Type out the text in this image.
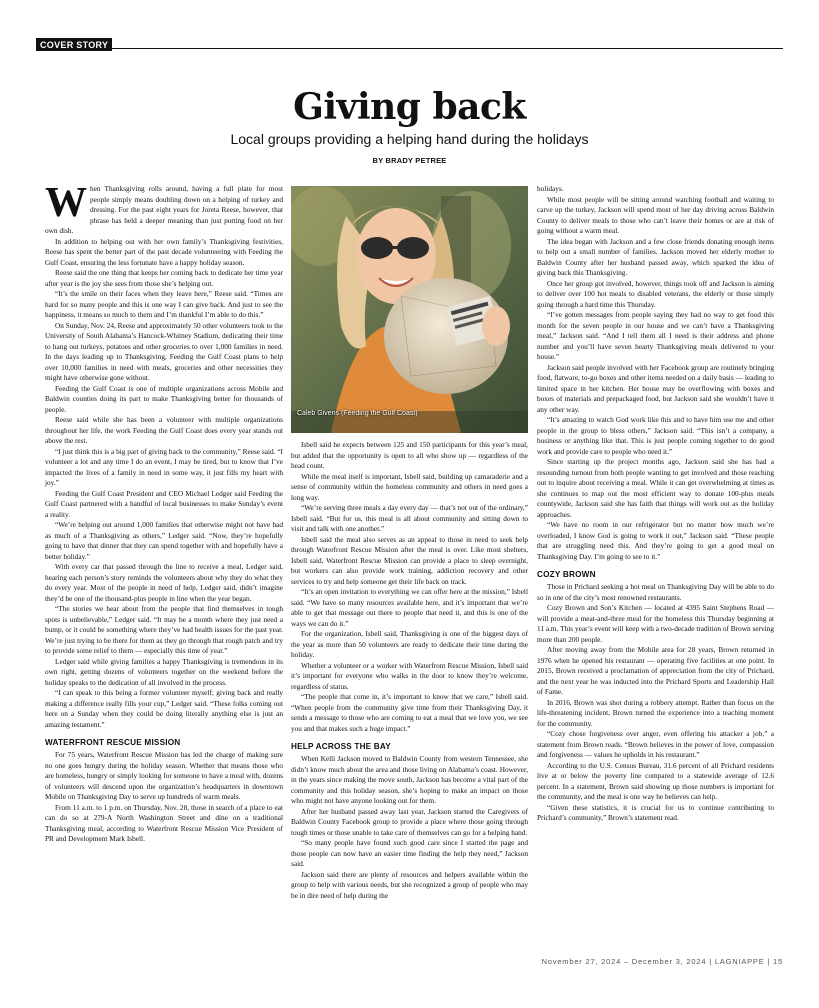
COVER STORY
Giving back
Local groups providing a helping hand during the holidays
BY BRADY PETREE

When Thanksgiving rolls around, having a full plate for most people simply means doubling down on a helping of turkey and dressing. For the past eight years for Joreta Reese, however, that phrase has held a deeper meaning than just putting food on her own dish.

In addition to helping out with her own family’s Thanksgiving festivities, Reese has spent the better part of the past decade volunteering with Feeding the Gulf Coast, ensuring the less fortunate have a happy holiday season.

Reese said the one thing that keeps her coming back to dedicate her time year after year is the joy she sees from those she’s helping out.

“It’s the smile on their faces when they leave here,” Reese said. “Times are hard for so many people and this is one way I can give back. And just to see the happiness, it means so much to them and I’m thankful I’m able to do this.”

On Sunday, Nov. 24, Reese and approximately 50 other volunteers took to the University of South Alabama’s Hancock-Whitney Stadium, dedicating their time to hang out turkeys, potatoes and other groceries to over 1,000 families in need. In the days leading up to Thanksgiving, Feeding the Gulf Coast plans to help over 10,000 families in need with meals, groceries and other necessities they might have otherwise gone without.

Feeding the Gulf Coast is one of multiple organizations across Mobile and Baldwin counties doing its part to make Thanksgiving better for thousands of people.

Reese said while she has been a volunteer with multiple organizations throughout her life, the work Feeding the Gulf Coast does every year stands out above the rest.

“I just think this is a big part of giving back to the community,” Reese said. “I volunteer a lot and any time I do an event, I may be tired, but to know that I’ve impacted the lives of a family in need in some way, it just fills my heart with joy.”

Feeding the Gulf Coast President and CEO Michael Ledger said Feeding the Gulf Coast partnered with a handful of local businesses to make Sunday’s event a reality.

“We’re helping out around 1,000 families that otherwise might not have had as much of a Thanksgiving as others,” Ledger said. “Now, they’re hopefully going to have that dinner that they can spend together with and hopefully have a better holiday.”

With every car that passed through the line to receive a meal, Ledger said, hearing each person’s story reminds the volunteers about why they do what they do every year. Most of the people in need of help, Ledger said, didn’t imagine they’d be one of the thousand-plus people in line when the year began.

“The stories we hear about from the people that find themselves in tough spots is unbelievable,” Ledger said. “It may be a month where they just need a bump, or it could be something where they’ve had health issues for the past year. We’re just trying to be there for them as they go through that rough patch and try to provide some relief to them — especially this time of year.”

Ledger said while giving families a happy Thanksgiving is tremendous in its own right, getting dozens of volunteers together on the weekend before the holiday speaks to the dedication of all involved in the process.

“I can speak to this being a former volunteer myself; giving back and really making a difference really fills your cup,” Ledger said. “These folks coming out here on a Sunday when they could be doing literally anything else is just an amazing testament.”

WATERFRONT RESCUE MISSION

For 75 years, Waterfront Rescue Mission has led the charge of making sure no one goes hungry during the holiday season. Whether that means those who are homeless, hungry or simply looking for someone to have a meal with, dozens of volunteers will descend upon the organization’s headquarters in downtown Mobile on Thanksgiving Day to serve up hundreds of warm meals.

From 11 a.m. to 1 p.m. on Thursday, Nov. 28, those in search of a place to eat can do so at 279-A North Washington Street and dine on a traditional Thanksgiving meal, according to Waterfront Rescue Mission Vice President of PR and Development Mark Isbell.

Caleb Givens (Feeding the Gulf Coast)

Isbell said he expects between 125 and 150 participants for this year’s meal, but added that the opportunity is open to all who show up — regardless of the head count.

While the meal itself is important, Isbell said, building up camaraderie and a sense of community within the homeless community and others in need goes a long way.

“We’re serving three meals a day every day — that’s not out of the ordinary,” Isbell said. “But for us, this meal is all about community and sitting down to visit and talk with one another.”

Isbell said the meal also serves as an appeal to those in need to seek help through Waterfront Rescue Mission after the meal is over. Like most shelters, Isbell said, Waterfront Rescue Mission can provide a place to sleep overnight, but workers can also provide work training, addiction recovery and other services to try and help someone get their life back on track.

“It’s an open invitation to everything we can offer here at the mission,” Isbell said. “We have so many resources available here, and it’s important that we’re able to get that message out there to people that need it, and this is one of the ways we can do it.”

For the organization, Isbell said, Thanksgiving is one of the biggest days of the year as more than 50 volunteers are ready to dedicate their time during the holiday.

Whether a volunteer or a worker with Waterfront Rescue Mission, Isbell said it’s important for everyone who walks in the door to know they’re welcome, regardless of status.

“The people that come in, it’s important to know that we care,” Isbell said. “When people from the community give time from their Thanksgiving Day, it sends a message to those who are coming to eat a meal that we love you, we see you and that makes such a huge impact.”

HELP ACROSS THE BAY

When Kelli Jackson moved to Baldwin County from western Tennessee, she didn’t know much about the area and those living on Alabama’s coast. However, in the years since making the move south, Jackson has become a vital part of the community and this holiday season, she’s hoping to make an impact on those who might not have anyone looking out for them.

After her husband passed away last year, Jackson started the Caregivers of Baldwin County Facebook group to provide a place where those going through tough times or those unable to take care of themselves can go for a helping hand.

“So many people have found such good care since I started the page and those people can now have an easier time finding the help they need,” Jackson said.

Jackson said there are plenty of resources and helpers available within the group to help with various needs, but she recognized a group of people who may be in dire need of help during the

holidays.

While most people will be sitting around watching football and waiting to carve up the turkey, Jackson will spend most of her day driving across Baldwin County to deliver meals to those who can’t leave their homes or are at risk of going without a warm meal.

The idea began with Jackson and a few close friends donating enough items to help out a small number of families. Jackson moved her elderly mother to Baldwin County after her husband passed away, which sparked the idea of giving back this Thanksgiving.

Once her group got involved, however, things took off and Jackson is aiming to deliver over 100 hot meals to disabled veterans, the elderly or those simply going through a hard time this Thursday.

“I’ve gotten messages from people saying they had no way to get food this month for the seven people in our house and we can’t have a Thanksgiving meal,” Jackson said. “And I tell them all I need is their address and phone number and you’ll have seven hearty Thanksgiving meals delivered to your house.”

Jackson said people involved with her Facebook group are routinely bringing food, flatware, to-go boxes and other items needed on a daily basis — leading to limited space in her kitchen. Her house may be overflowing with boxes and boxes of materials and prepackaged food, but Jackson said she wouldn’t have it any other way.

“It’s amazing to watch God work like this and to have him use me and other people in the group to bless others,” Jackson said. “This isn’t a company, a business or anything like that. This is just people coming together to do good work and provide care to people who need it.”

Since starting up the project months ago, Jackson said she has had a resounding turnout from both people wanting to get involved and those reaching out to inquire about receiving a meal. While it can get overwhelming at times as she continues to map out the most efficient way to donate 100-plus meals countywide, Jackson said she has faith that things will work out as the holiday approaches.

“We have no room in our refrigerator but no matter how much we’re overloaded, I know God is going to work it out,” Jackson said. “These people that are struggling need this. And they’re going to get a good meal on Thanksgiving Day. I’m going to see to it.”

COZY BROWN

Those in Prichard seeking a hot meal on Thanksgiving Day will be able to do so in one of the city’s most renowned restaurants.

Cozy Brown and Son’s Kitchen — located at 4395 Saint Stephens Road — will provide a meat-and-three meal for the homeless this Thursday beginning at 11 a.m. This year’s event will keep with a two-decade tradition of Brown serving more than 200 people.

After moving away from the Mobile area for 28 years, Brown returned in 1976 when he opened his restaurant — operating five facilities at one point. In 2015, Brown received a proclamation of appreciation from the city of Prichard, and the next year he was inducted into the Prichard Sports and Leadership Hall of Fame.

In 2016, Brown was shot during a robbery attempt. Rather than focus on the life-threatening incident, Brown turned the experience into a teaching moment for the community.

“Cozy chose forgiveness over anger, even offering his attacker a job,” a statement from Brown reads. “Brown believes in the power of love, compassion and forgiveness — values he upholds in his restaurant.”

According to the U.S. Census Bureau, 31.6 percent of all Prichard residents live at or below the poverty line compared to a statewide average of 12.6 percent. In a statement, Brown said showing up those numbers is important for the community, and the meal is one way he believes can help.

“Given these statistics, it is crucial for us to continue contributing to Prichard’s community,” Brown’s statement read.

November 27, 2024 – December 3, 2024 | LAGNIAPPE | 15
